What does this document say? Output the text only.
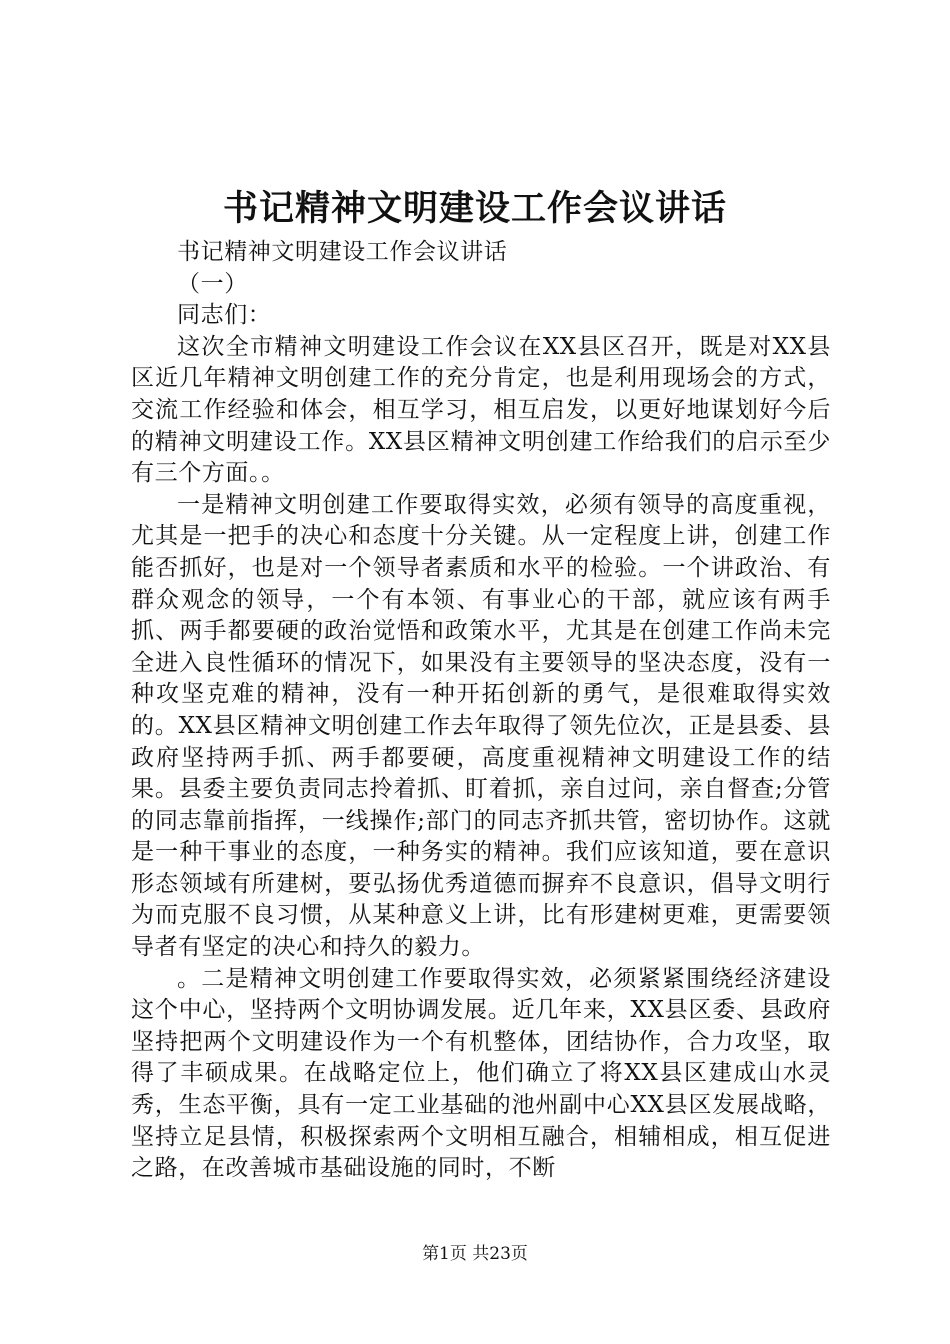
书记精神文明建设工作会议讲话

书记精神文明建设工作会议讲话

（一）

同志们：

这次全市精神文明建设工作会议在XX县区召开，既是对XX县区近几年精神文明创建工作的充分肯定，也是利用现场会的方式，交流工作经验和体会，相互学习，相互启发，以更好地谋划好今后的精神文明建设工作。XX县区精神文明创建工作给我们的启示至少有三个方面。。

一是精神文明创建工作要取得实效，必须有领导的高度重视，尤其是一把手的决心和态度十分关键。从一定程度上讲，创建工作能否抓好，也是对一个领导者素质和水平的检验。一个讲政治、有群众观念的领导，一个有本领、有事业心的干部，就应该有两手抓、两手都要硬的政治觉悟和政策水平，尤其是在创建工作尚未完全进入良性循环的情况下，如果没有主要领导的坚决态度，没有一种攻坚克难的精神，没有一种开拓创新的勇气，是很难取得实效的。XX县区精神文明创建工作去年取得了领先位次，正是县委、县政府坚持两手抓、两手都要硬，高度重视精神文明建设工作的结果。县委主要负责同志拎着抓、盯着抓，亲自过问，亲自督查;分管的同志靠前指挥，一线操作;部门的同志齐抓共管，密切协作。这就是一种干事业的态度，一种务实的精神。我们应该知道，要在意识形态领域有所建树，要弘扬优秀道德而摒弃不良意识，倡导文明行为而克服不良习惯，从某种意义上讲，比有形建树更难，更需要领导者有坚定的决心和持久的毅力。

。二是精神文明创建工作要取得实效，必须紧紧围绕经济建设这个中心，坚持两个文明协调发展。近几年来，XX县区委、县政府坚持把两个文明建设作为一个有机整体，团结协作，合力攻坚，取得了丰硕成果。在战略定位上，他们确立了将XX县区建成山水灵秀，生态平衡，具有一定工业基础的池州副中心XX县区发展战略，坚持立足县情，积极探索两个文明相互融合，相辅相成，相互促进之路，在改善城市基础设施的同时，不断

第1页 共23页
